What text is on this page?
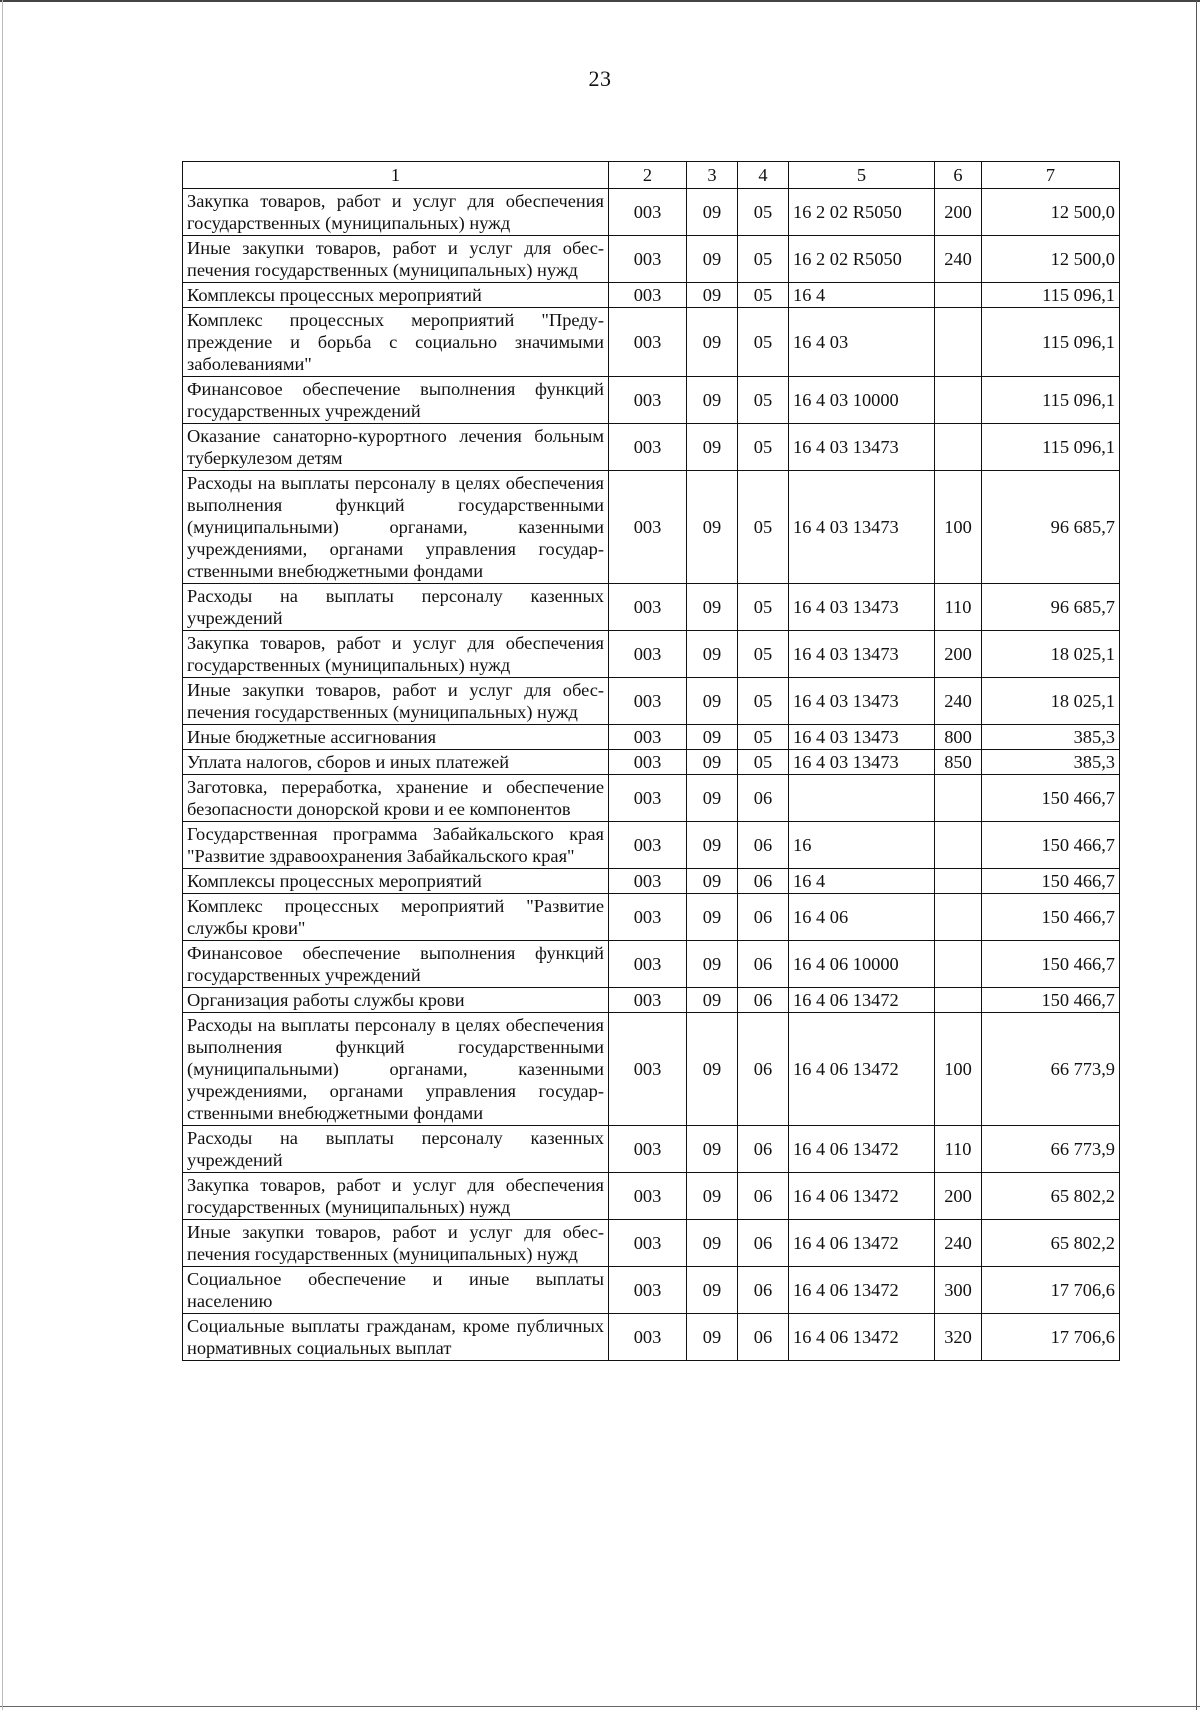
23
1	2	3	4	5	6	7
Закупка товаров, работ и услуг для обеспечения государственных (муниципальных) нужд	003	09	05	16 2 02 R5050	200	12 500,0
Иные закупки товаров, работ и услуг для обеспечения государственных (муниципальных) нужд	003	09	05	16 2 02 R5050	240	12 500,0
Комплексы процессных мероприятий	003	09	05	16 4		115 096,1
Комплекс процессных мероприятий "Предупреждение и борьба с социально значимыми заболеваниями"	003	09	05	16 4 03		115 096,1
Финансовое обеспечение выполнения функций государственных учреждений	003	09	05	16 4 03 10000		115 096,1
Оказание санаторно-курортного лечения больным туберкулезом детям	003	09	05	16 4 03 13473		115 096,1
Расходы на выплаты персоналу в целях обеспечения выполнения функций государственными (муниципальными) органами, казенными учреждениями, органами управления государственными внебюджетными фондами	003	09	05	16 4 03 13473	100	96 685,7
Расходы на выплаты персоналу казенных учреждений	003	09	05	16 4 03 13473	110	96 685,7
Закупка товаров, работ и услуг для обеспечения государственных (муниципальных) нужд	003	09	05	16 4 03 13473	200	18 025,1
Иные закупки товаров, работ и услуг для обеспечения государственных (муниципальных) нужд	003	09	05	16 4 03 13473	240	18 025,1
Иные бюджетные ассигнования	003	09	05	16 4 03 13473	800	385,3
Уплата налогов, сборов и иных платежей	003	09	05	16 4 03 13473	850	385,3
Заготовка, переработка, хранение и обеспечение безопасности донорской крови и ее компонентов	003	09	06			150 466,7
Государственная программа Забайкальского края "Развитие здравоохранения Забайкальского края"	003	09	06	16		150 466,7
Комплексы процессных мероприятий	003	09	06	16 4		150 466,7
Комплекс процессных мероприятий "Развитие службы крови"	003	09	06	16 4 06		150 466,7
Финансовое обеспечение выполнения функций государственных учреждений	003	09	06	16 4 06 10000		150 466,7
Организация работы службы крови	003	09	06	16 4 06 13472		150 466,7
Расходы на выплаты персоналу в целях обеспечения выполнения функций государственными (муниципальными) органами, казенными учреждениями, органами управления государственными внебюджетными фондами	003	09	06	16 4 06 13472	100	66 773,9
Расходы на выплаты персоналу казенных учреждений	003	09	06	16 4 06 13472	110	66 773,9
Закупка товаров, работ и услуг для обеспечения государственных (муниципальных) нужд	003	09	06	16 4 06 13472	200	65 802,2
Иные закупки товаров, работ и услуг для обеспечения государственных (муниципальных) нужд	003	09	06	16 4 06 13472	240	65 802,2
Социальное обеспечение и иные выплаты населению	003	09	06	16 4 06 13472	300	17 706,6
Социальные выплаты гражданам, кроме публичных нормативных социальных выплат	003	09	06	16 4 06 13472	320	17 706,6
